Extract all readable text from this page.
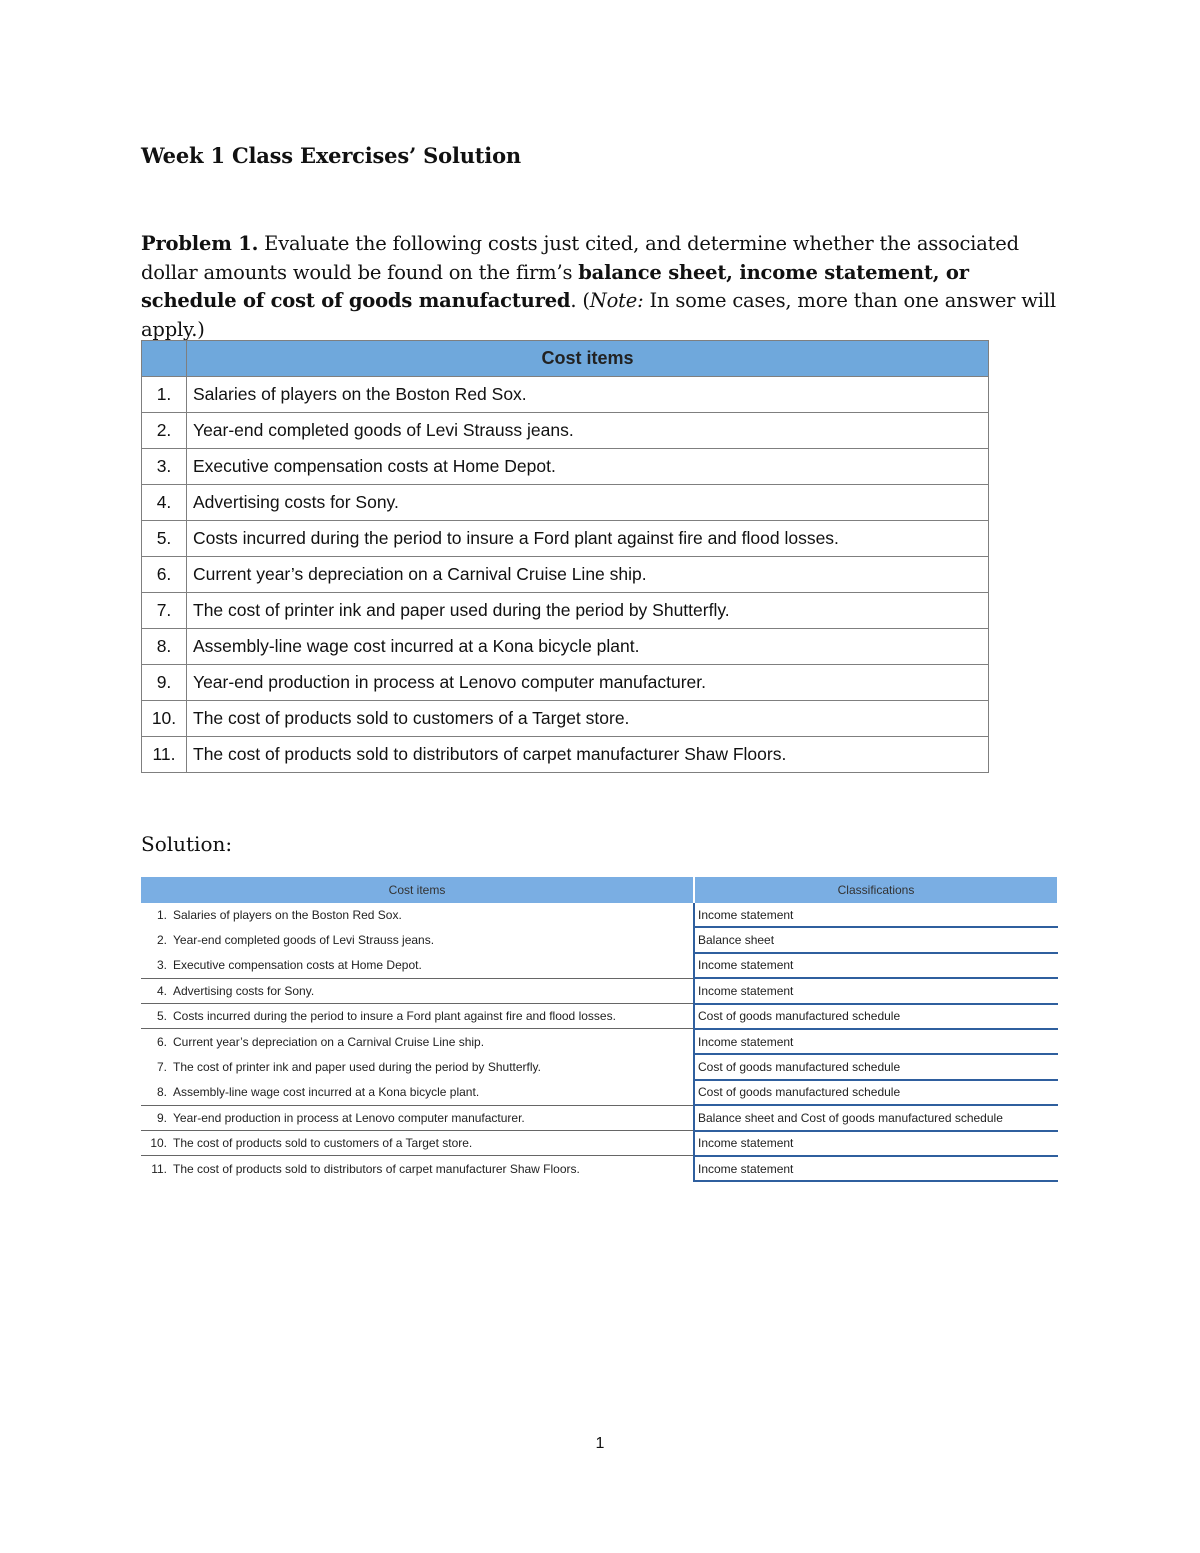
Week 1 Class Exercises’ Solution
Problem 1. Evaluate the following costs just cited, and determine whether the associated dollar amounts would be found on the firm’s balance sheet, income statement, or schedule of cost of goods manufactured. (Note: In some cases, more than one answer will apply.)
	Cost items
1.	Salaries of players on the Boston Red Sox.
2.	Year-end completed goods of Levi Strauss jeans.
3.	Executive compensation costs at Home Depot.
4.	Advertising costs for Sony.
5.	Costs incurred during the period to insure a Ford plant against fire and flood losses.
6.	Current year’s depreciation on a Carnival Cruise Line ship.
7.	The cost of printer ink and paper used during the period by Shutterfly.
8.	Assembly-line wage cost incurred at a Kona bicycle plant.
9.	Year-end production in process at Lenovo computer manufacturer.
10.	The cost of products sold to customers of a Target store.
11.	The cost of products sold to distributors of carpet manufacturer Shaw Floors.
Solution:
Cost items		Classifications
1.	Salaries of players on the Boston Red Sox.	Income statement
2.	Year-end completed goods of Levi Strauss jeans.	Balance sheet
3.	Executive compensation costs at Home Depot.	Income statement
4.	Advertising costs for Sony.	Income statement
5.	Costs incurred during the period to insure a Ford plant against fire and flood losses.	Cost of goods manufactured schedule
6.	Current year’s depreciation on a Carnival Cruise Line ship.	Income statement
7.	The cost of printer ink and paper used during the period by Shutterfly.	Cost of goods manufactured schedule
8.	Assembly-line wage cost incurred at a Kona bicycle plant.	Cost of goods manufactured schedule
9.	Year-end production in process at Lenovo computer manufacturer.	Balance sheet and Cost of goods manufactured schedule
10.	The cost of products sold to customers of a Target store.	Income statement
11.	The cost of products sold to distributors of carpet manufacturer Shaw Floors.	Income statement
1
